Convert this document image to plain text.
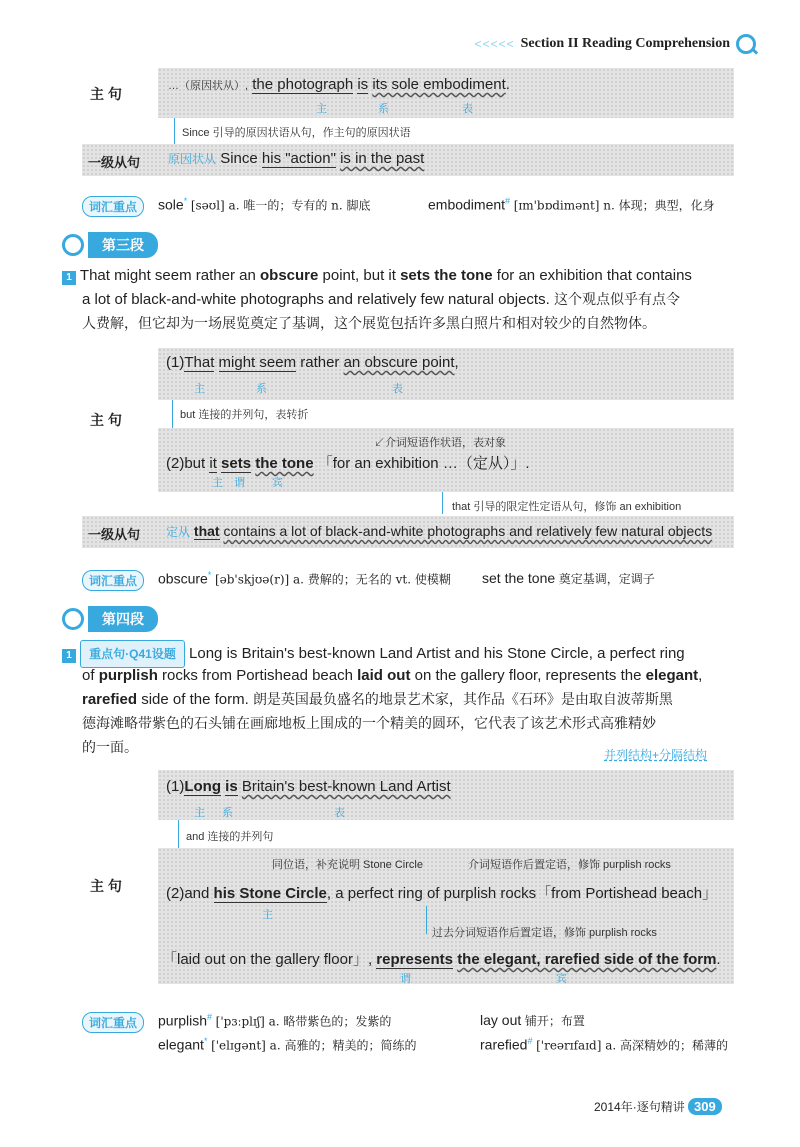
<<<<< Section II Reading Comprehension
主 句	…（原因状从）, the photograph is its sole embodiment.
主	系	表
Since 引导的原因状语从句，作主句的原因状语
一级从句 原因状从 Since his "action" is in the past
词汇重点	sole* [səʊl] a. 唯一的；专有的 n. 脚底	embodiment# [ɪm'bɒdimənt] n. 体现；典型，化身
第三段
1 That might seem rather an obscure point, but it sets the tone for an exhibition that contains
a lot of black-and-white photographs and relatively few natural objects. 这个观点似乎有点令
人费解，但它却为一场展览奠定了基调，这个展览包括许多黑白照片和相对较少的自然物体。
主 句
(1)That might seem rather an obscure point,
主	系	表
but 连接的并列句，表转折
↙介词短语作状语，表对象
(2)but it sets the tone 「for an exhibition …（定从）」.
主 谓 宾
that 引导的限定性定语从句，修饰 an exhibition
一级从句 定从 that contains a lot of black-and-white photographs and relatively few natural objects
词汇重点	obscure* [əb'skjʊə(r)] a. 费解的；无名的 vt. 使模糊 set the tone 奠定基调，定调子
第四段
1 重点句·Q41设题 Long is Britain's best-known Land Artist and his Stone Circle, a perfect ring
of purplish rocks from Portishead beach laid out on the gallery floor, represents the elegant,
rarefied side of the form. 朗是英国最负盛名的地景艺术家，其作品《石环》是由取自波蒂斯黑
德海滩略带紫色的石头铺在画廊地板上围成的一个精美的圆环，它代表了该艺术形式高雅精妙
的一面。	并列结构+分隔结构
(1)Long is Britain's best-known Land Artist
主 系	表
and 连接的并列句
主 句
同位语，补充说明 Stone Circle	介词短语作后置定语，修饰 purplish rocks
(2)and his Stone Circle, a perfect ring of purplish rocks「from Portishead beach」
主
过去分词短语作后置定语，修饰 purplish rocks
「laid out on the gallery floor」, represents the elegant, rarefied side of the form.
谓	宾
词汇重点	purplish# ['pɜːplɪʃ] a. 略带紫色的；发紫的	lay out 铺开；布置
elegant* ['elɪgənt] a. 高雅的；精美的；简练的	rarefied# ['reərɪfaɪd] a. 高深精妙的；稀薄的
2014年·逐句精讲 309
